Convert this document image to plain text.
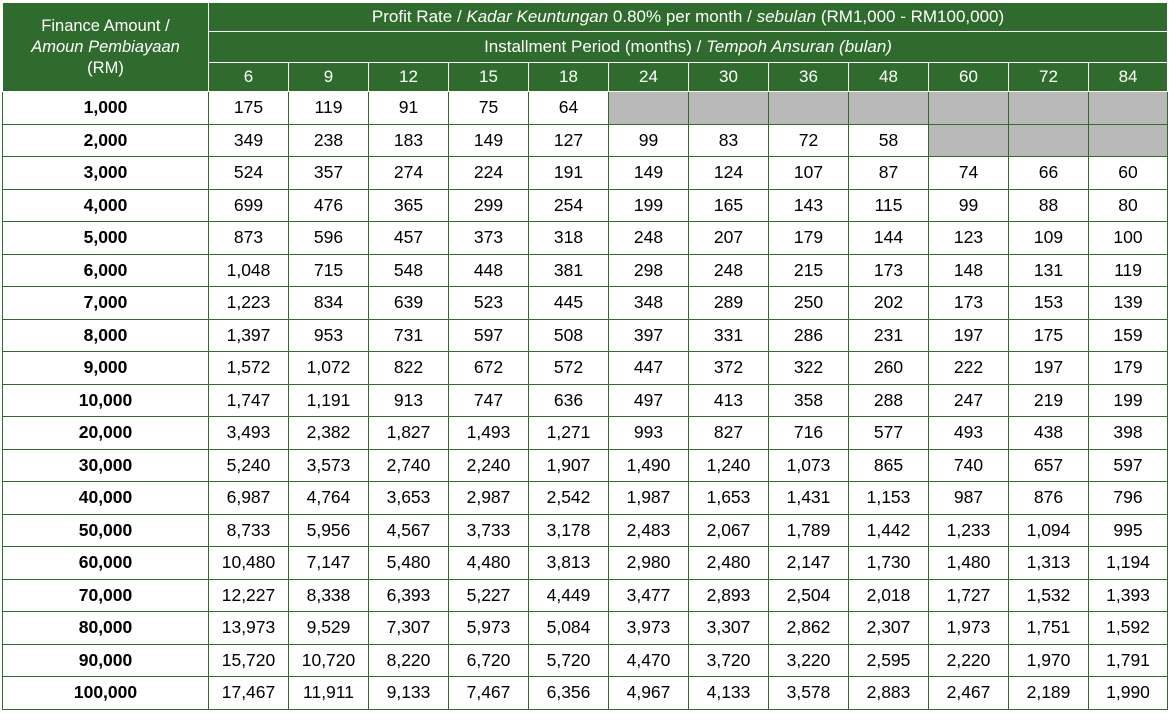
Finance Amount /
Amoun Pembiayaan
(RM)	Profit Rate / Kadar Keuntungan 0.80% per month / sebulan (RM1,000 - RM100,000)											
	Installment Period (months) / Tempoh Ansuran (bulan)											
	6	9	12	15	18	24	30	36	48	60	72	84
1,000	175	119	91	75	64							
2,000	349	238	183	149	127	99	83	72	58			
3,000	524	357	274	224	191	149	124	107	87	74	66	60
4,000	699	476	365	299	254	199	165	143	115	99	88	80
5,000	873	596	457	373	318	248	207	179	144	123	109	100
6,000	1,048	715	548	448	381	298	248	215	173	148	131	119
7,000	1,223	834	639	523	445	348	289	250	202	173	153	139
8,000	1,397	953	731	597	508	397	331	286	231	197	175	159
9,000	1,572	1,072	822	672	572	447	372	322	260	222	197	179
10,000	1,747	1,191	913	747	636	497	413	358	288	247	219	199
20,000	3,493	2,382	1,827	1,493	1,271	993	827	716	577	493	438	398
30,000	5,240	3,573	2,740	2,240	1,907	1,490	1,240	1,073	865	740	657	597
40,000	6,987	4,764	3,653	2,987	2,542	1,987	1,653	1,431	1,153	987	876	796
50,000	8,733	5,956	4,567	3,733	3,178	2,483	2,067	1,789	1,442	1,233	1,094	995
60,000	10,480	7,147	5,480	4,480	3,813	2,980	2,480	2,147	1,730	1,480	1,313	1,194
70,000	12,227	8,338	6,393	5,227	4,449	3,477	2,893	2,504	2,018	1,727	1,532	1,393
80,000	13,973	9,529	7,307	5,973	5,084	3,973	3,307	2,862	2,307	1,973	1,751	1,592
90,000	15,720	10,720	8,220	6,720	5,720	4,470	3,720	3,220	2,595	2,220	1,970	1,791
100,000	17,467	11,911	9,133	7,467	6,356	4,967	4,133	3,578	2,883	2,467	2,189	1,990
